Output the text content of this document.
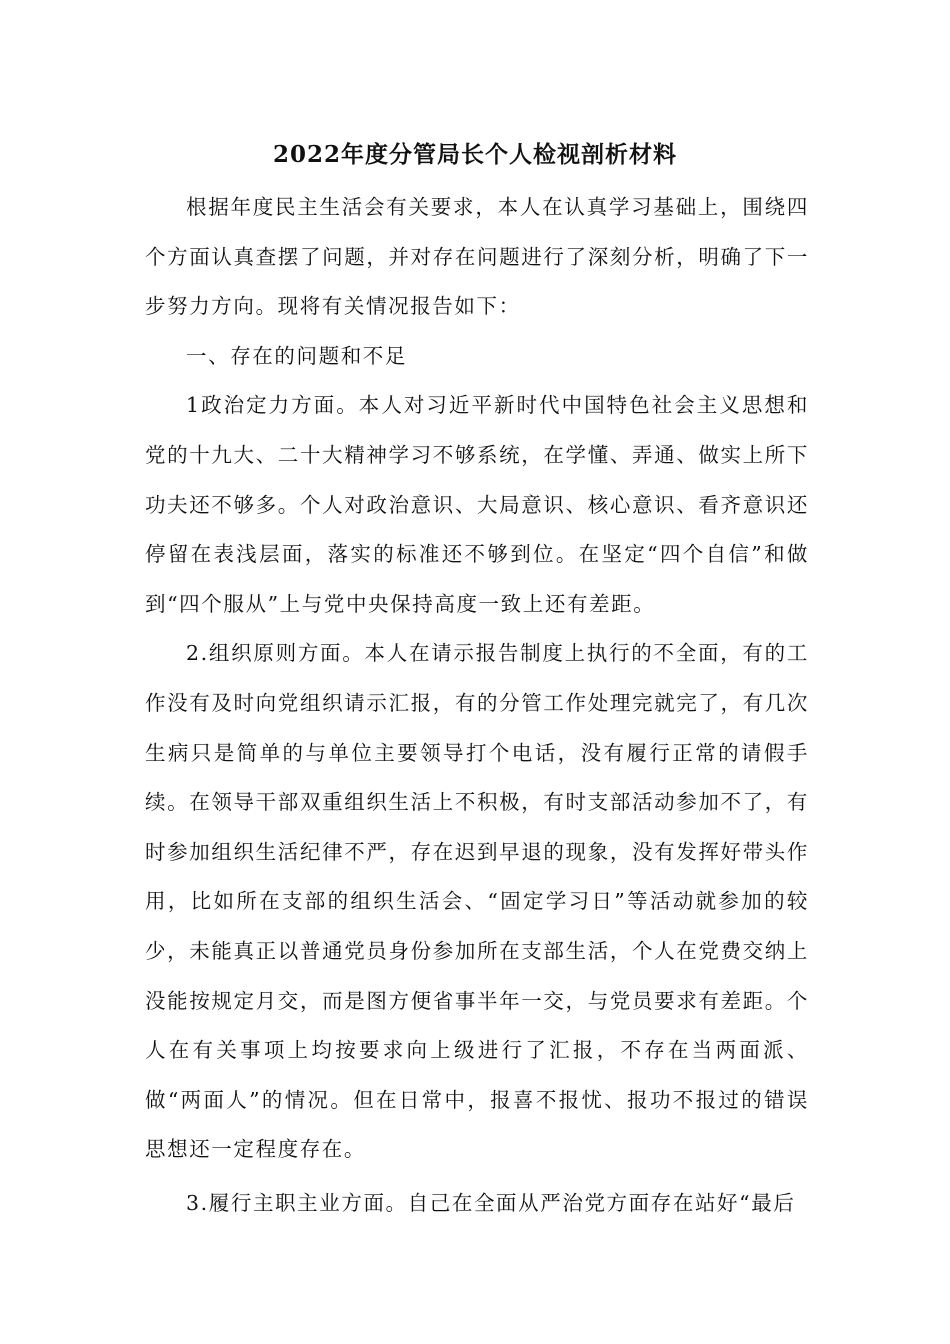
2022年度分管局长个人检视剖析材料

根据年度民主生活会有关要求，本人在认真学习基础上，围绕四个方面认真查摆了问题，并对存在问题进行了深刻分析，明确了下一步努力方向。现将有关情况报告如下：

一、存在的问题和不足

1政治定力方面。本人对习近平新时代中国特色社会主义思想和党的十九大、二十大精神学习不够系统，在学懂、弄通、做实上所下功夫还不够多。个人对政治意识、大局意识、核心意识、看齐意识还停留在表浅层面，落实的标准还不够到位。在坚定“四个自信”和做到“四个服从”上与党中央保持高度一致上还有差距。

2.组织原则方面。本人在请示报告制度上执行的不全面，有的工作没有及时向党组织请示汇报，有的分管工作处理完就完了，有几次生病只是简单的与单位主要领导打个电话，没有履行正常的请假手续。在领导干部双重组织生活上不积极，有时支部活动参加不了，有时参加组织生活纪律不严，存在迟到早退的现象，没有发挥好带头作用，比如所在支部的组织生活会、“固定学习日”等活动就参加的较少，未能真正以普通党员身份参加所在支部生活，个人在党费交纳上没能按规定月交，而是图方便省事半年一交，与党员要求有差距。个人在有关事项上均按要求向上级进行了汇报，不存在当两面派、做“两面人”的情况。但在日常中，报喜不报忧、报功不报过的错误思想还一定程度存在。

3.履行主职主业方面。自己在全面从严治党方面存在站好“最后
